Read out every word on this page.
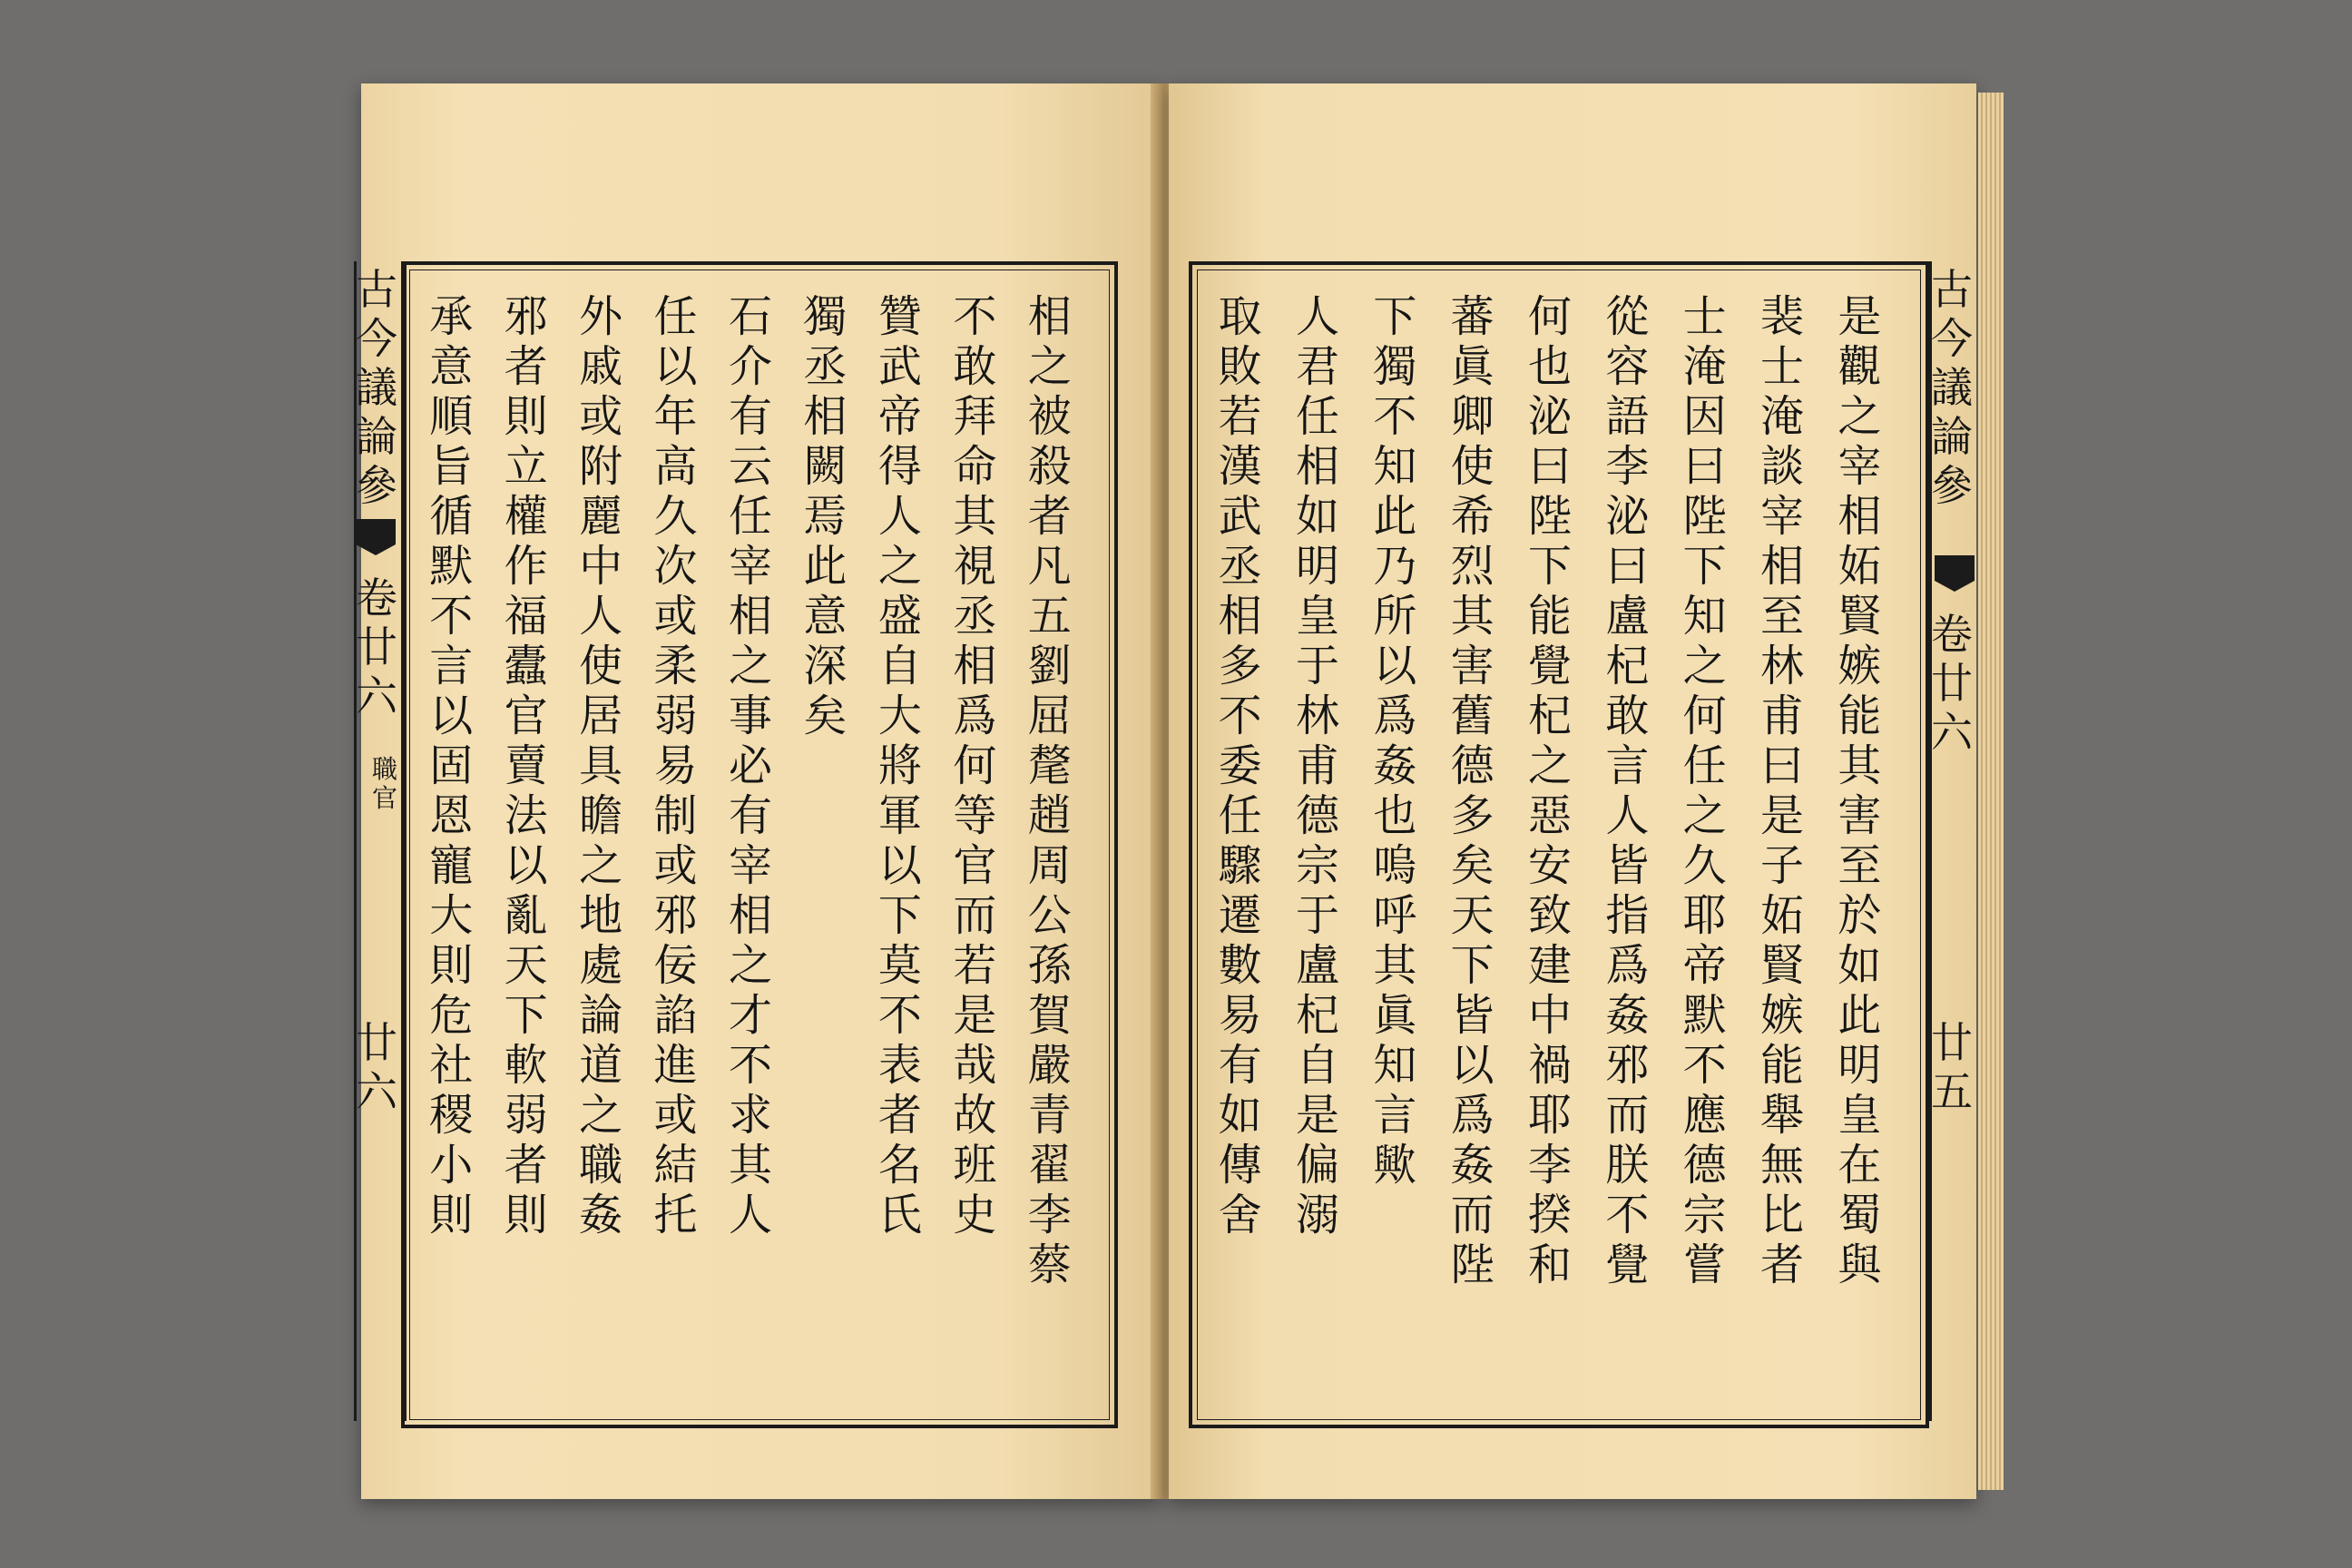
相
之
被
殺
者
凡
五
劉
屈
氂
趙
周
公
孫
賀
嚴
青
翟
李
蔡
不
敢
拜
命
其
視
丞
相
爲
何
等
官
而
若
是
哉
故
班
史
贊
武
帝
得
人
之
盛
自
大
將
軍
以
下
莫
不
表
者
名
氏
獨
丞
相
闕
焉
此
意
深
矣
石
介
有
云
任
宰
相
之
事
必
有
宰
相
之
才
不
求
其
人
任
以
年
高
久
次
或
柔
弱
易
制
或
邪
佞
諂
進
或
結
托
外
戚
或
附
麗
中
人
使
居
具
瞻
之
地
處
論
道
之
職
姦
邪
者
則
立
權
作
福
蠹
官
賣
法
以
亂
天
下
軟
弱
者
則
承
意
順
旨
循
默
不
言
以
固
恩
寵
大
則
危
社
稷
小
則
古
今
議
論
參
卷
廿
六
職
官
廿
六
是
觀
之
宰
相
妬
賢
嫉
能
其
害
至
於
如
此
明
皇
在
蜀
與
裴
士
淹
談
宰
相
至
林
甫
曰
是
子
妬
賢
嫉
能
舉
無
比
者
士
淹
因
曰
陛
下
知
之
何
任
之
久
耶
帝
默
不
應
德
宗
嘗
從
容
語
李
泌
曰
盧
杞
敢
言
人
皆
指
爲
姦
邪
而
朕
不
覺
何
也
泌
曰
陛
下
能
覺
杞
之
惡
安
致
建
中
禍
耶
李
揆
和
蕃
眞
卿
使
希
烈
其
害
舊
德
多
矣
天
下
皆
以
爲
姦
而
陛
下
獨
不
知
此
乃
所
以
爲
姦
也
嗚
呼
其
眞
知
言
歟
人
君
任
相
如
明
皇
于
林
甫
德
宗
于
盧
杞
自
是
偏
溺
取
敗
若
漢
武
丞
相
多
不
委
任
驟
遷
數
易
有
如
傳
舍
古
今
議
論
參
卷
廿
六
廿
五
